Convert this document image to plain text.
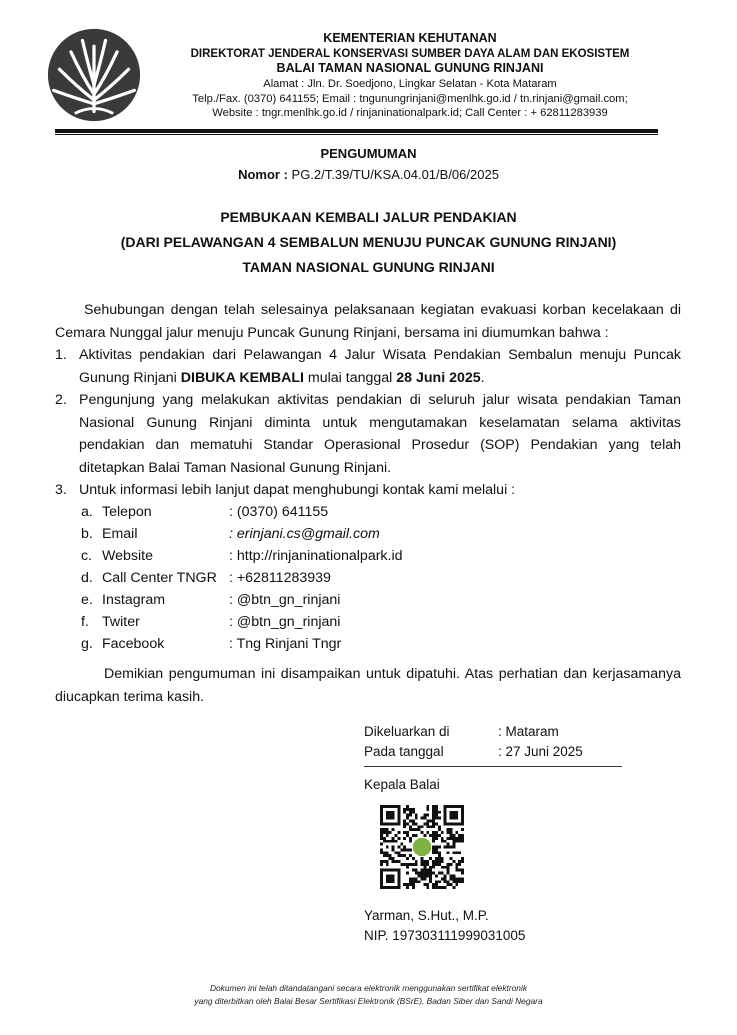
KEMENTERIAN KEHUTANAN
DIREKTORAT JENDERAL KONSERVASI SUMBER DAYA ALAM DAN EKOSISTEM
BALAI TAMAN NASIONAL GUNUNG RINJANI
Alamat : Jln. Dr. Soedjono, Lingkar Selatan - Kota Mataram
Telp./Fax. (0370) 641155; Email : tngunungrinjani@menlhk.go.id / tn.rinjani@gmail.com;
Website : tngr.menlhk.go.id / rinjaninationalpark.id; Call Center : + 62811283939
PENGUMUMAN
Nomor : PG.2/T.39/TU/KSA.04.01/B/06/2025
PEMBUKAAN KEMBALI JALUR PENDAKIAN
(DARI PELAWANGAN 4 SEMBALUN MENUJU PUNCAK GUNUNG RINJANI)
TAMAN NASIONAL GUNUNG RINJANI
Sehubungan dengan telah selesainya pelaksanaan kegiatan evakuasi korban kecelakaan di Cemara Nunggal jalur menuju Puncak Gunung Rinjani, bersama ini diumumkan bahwa :
1. Aktivitas pendakian dari Pelawangan 4 Jalur Wisata Pendakian Sembalun menuju Puncak Gunung Rinjani DIBUKA KEMBALI mulai tanggal 28 Juni 2025.
2. Pengunjung yang melakukan aktivitas pendakian di seluruh jalur wisata pendakian Taman Nasional Gunung Rinjani diminta untuk mengutamakan keselamatan selama aktivitas pendakian dan mematuhi Standar Operasional Prosedur (SOP) Pendakian yang telah ditetapkan Balai Taman Nasional Gunung Rinjani.
3. Untuk informasi lebih lanjut dapat menghubungi kontak kami melalui :
a. Telepon	: (0370) 641155
b. Email	: erinjani.cs@gmail.com
c. Website	: http://rinjaninationalpark.id
d. Call Center TNGR : +62811283939
e. Instagram	: @btn_gn_rinjani
f. Twiter	: @btn_gn_rinjani
g. Facebook	: Tng Rinjani Tngr
Demikian pengumuman ini disampaikan untuk dipatuhi. Atas perhatian dan kerjasamanya diucapkan terima kasih.
Dikeluarkan di	: Mataram
Pada tanggal	: 27 Juni 2025
Kepala Balai
Yarman, S.Hut., M.P.
NIP. 197303111999031005
Dokumen ini telah ditandatangani secara elektronik menggunakan sertifikat elektronik
yang diterbitkan oleh Balai Besar Sertifikasi Elektronik (BSrE), Badan Siber dan Sandi Negara
